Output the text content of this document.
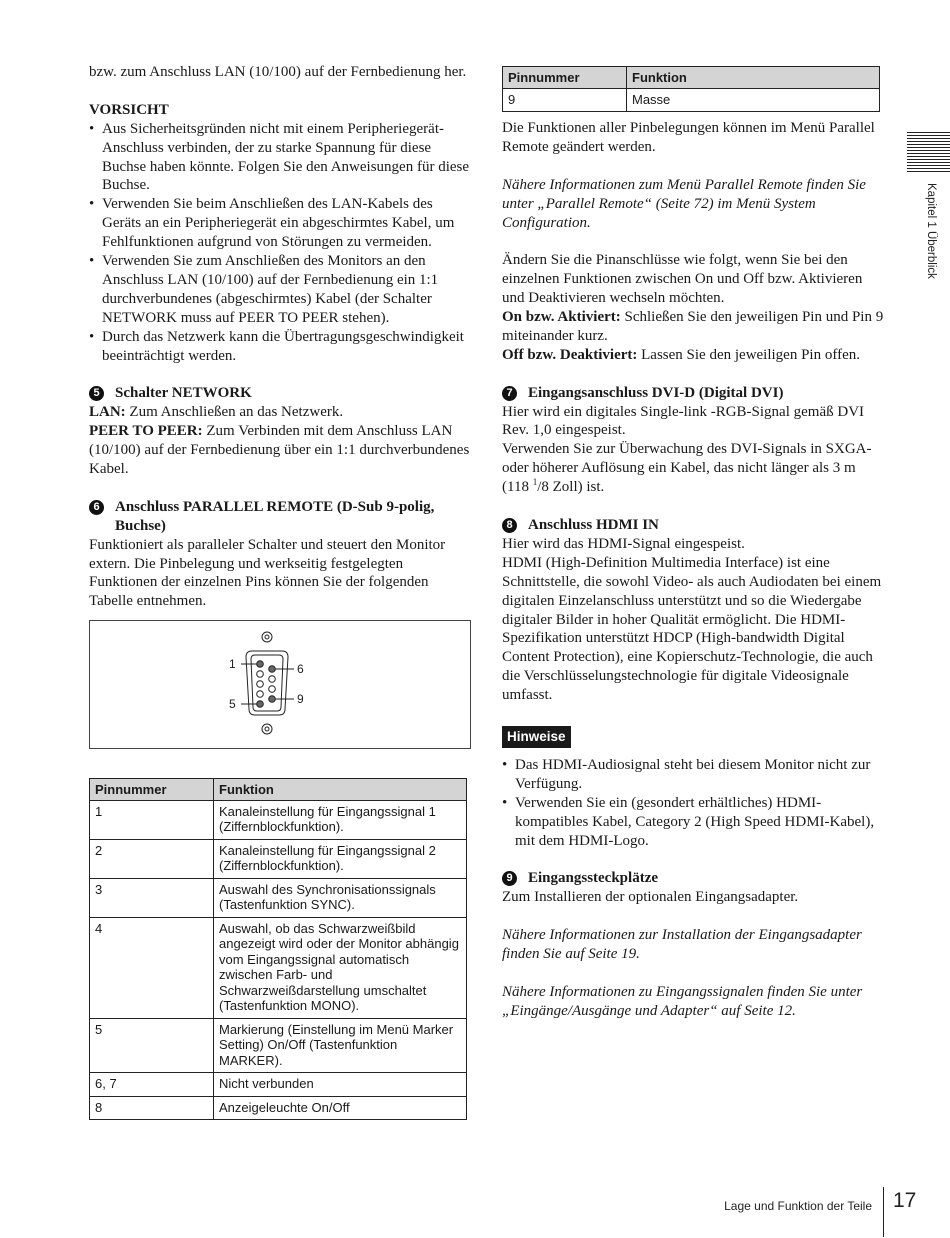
Kapitel 1 Überblick

bzw. zum Anschluss LAN (10/100) auf der Fernbedienung her.

VORSICHT

• Aus Sicherheitsgründen nicht mit einem Peripheriegerät-Anschluss verbinden, der zu starke Spannung für diese Buchse haben könnte. Folgen Sie den Anweisungen für diese Buchse.
• Verwenden Sie beim Anschließen des LAN-Kabels des Geräts an ein Peripheriegerät ein abgeschirmtes Kabel, um Fehlfunktionen aufgrund von Störungen zu vermeiden.
• Verwenden Sie zum Anschließen des Monitors an den Anschluss LAN (10/100) auf der Fernbedienung ein 1:1 durchverbundenes (abgeschirmtes) Kabel (der Schalter NETWORK muss auf PEER TO PEER stehen).
• Durch das Netzwerk kann die Übertragungsgeschwindigkeit beeinträchtigt werden.
5 Schalter NETWORK

LAN: Zum Anschließen an das Netzwerk.

PEER TO PEER: Zum Verbinden mit dem Anschluss LAN (10/100) auf der Fernbedienung über ein 1:1 durchverbundenes Kabel.

6 Anschluss PARALLEL REMOTE (D-Sub 9-polig, Buchse)

Funktioniert als paralleler Schalter und steuert den Monitor extern. Die Pinbelegung und werkseitig festgelegten Funktionen der einzelnen Pins können Sie der folgenden Tabelle entnehmen.

1	6
5	9
Pinnummer	Funktion
1	Kanaleinstellung für Eingangssignal 1 (Ziffernblockfunktion).
2	Kanaleinstellung für Eingangssignal 2 (Ziffernblockfunktion).
3	Auswahl des Synchronisationssignals (Tastenfunktion SYNC).
4	Auswahl, ob das Schwarzweißbild angezeigt wird oder der Monitor abhängig vom Eingangssignal automatisch zwischen Farb- und Schwarzweißdarstellung umschaltet (Tastenfunktion MONO).
5	Markierung (Einstellung im Menü Marker Setting) On/Off (Tastenfunktion MARKER).
6, 7	Nicht verbunden
8	Anzeigeleuchte On/Off
Pinnummer	Funktion
9	Masse

Die Funktionen aller Pinbelegungen können im Menü Parallel Remote geändert werden.

Nähere Informationen zum Menü Parallel Remote finden Sie unter „Parallel Remote“ (Seite 72) im Menü System Configuration.

Ändern Sie die Pinanschlüsse wie folgt, wenn Sie bei den einzelnen Funktionen zwischen On und Off bzw. Aktivieren und Deaktivieren wechseln möchten.

On bzw. Aktiviert: Schließen Sie den jeweiligen Pin und Pin 9 miteinander kurz.

Off bzw. Deaktiviert: Lassen Sie den jeweiligen Pin offen.

7 Eingangsanschluss DVI-D (Digital DVI)

Hier wird ein digitales Single-link -RGB-Signal gemäß DVI Rev. 1,0 eingespeist.

Verwenden Sie zur Überwachung des DVI-Signals in SXGA- oder höherer Auflösung ein Kabel, das nicht länger als 3 m (118 $^1$/8 Zoll) ist.

8 Anschluss HDMI IN

Hier wird das HDMI-Signal eingespeist.

HDMI (High-Definition Multimedia Interface) ist eine Schnittstelle, die sowohl Video- als auch Audiodaten bei einem digitalen Einzelanschluss unterstützt und so die Wiedergabe digitaler Bilder in hoher Qualität ermöglicht. Die HDMI-Spezifikation unterstützt HDCP (High-bandwidth Digital Content Protection), eine Kopierschutz-Technologie, die auch die Verschlüsselungstechnologie für digitale Videosignale umfasst.

Hinweise
• Das HDMI-Audiosignal steht bei diesem Monitor nicht zur Verfügung.
• Verwenden Sie ein (gesondert erhältliches) HDMI-kompatibles Kabel, Category 2 (High Speed HDMI-Kabel), mit dem HDMI-Logo.
9 Eingangssteckplätze

Zum Installieren der optionalen Eingangsadapter.

Nähere Informationen zur Installation der Eingangsadapter finden Sie auf Seite 19.

Nähere Informationen zu Eingangssignalen finden Sie unter „Eingänge/Ausgänge und Adapter“ auf Seite 12.

Lage und Funktion der Teile 17
